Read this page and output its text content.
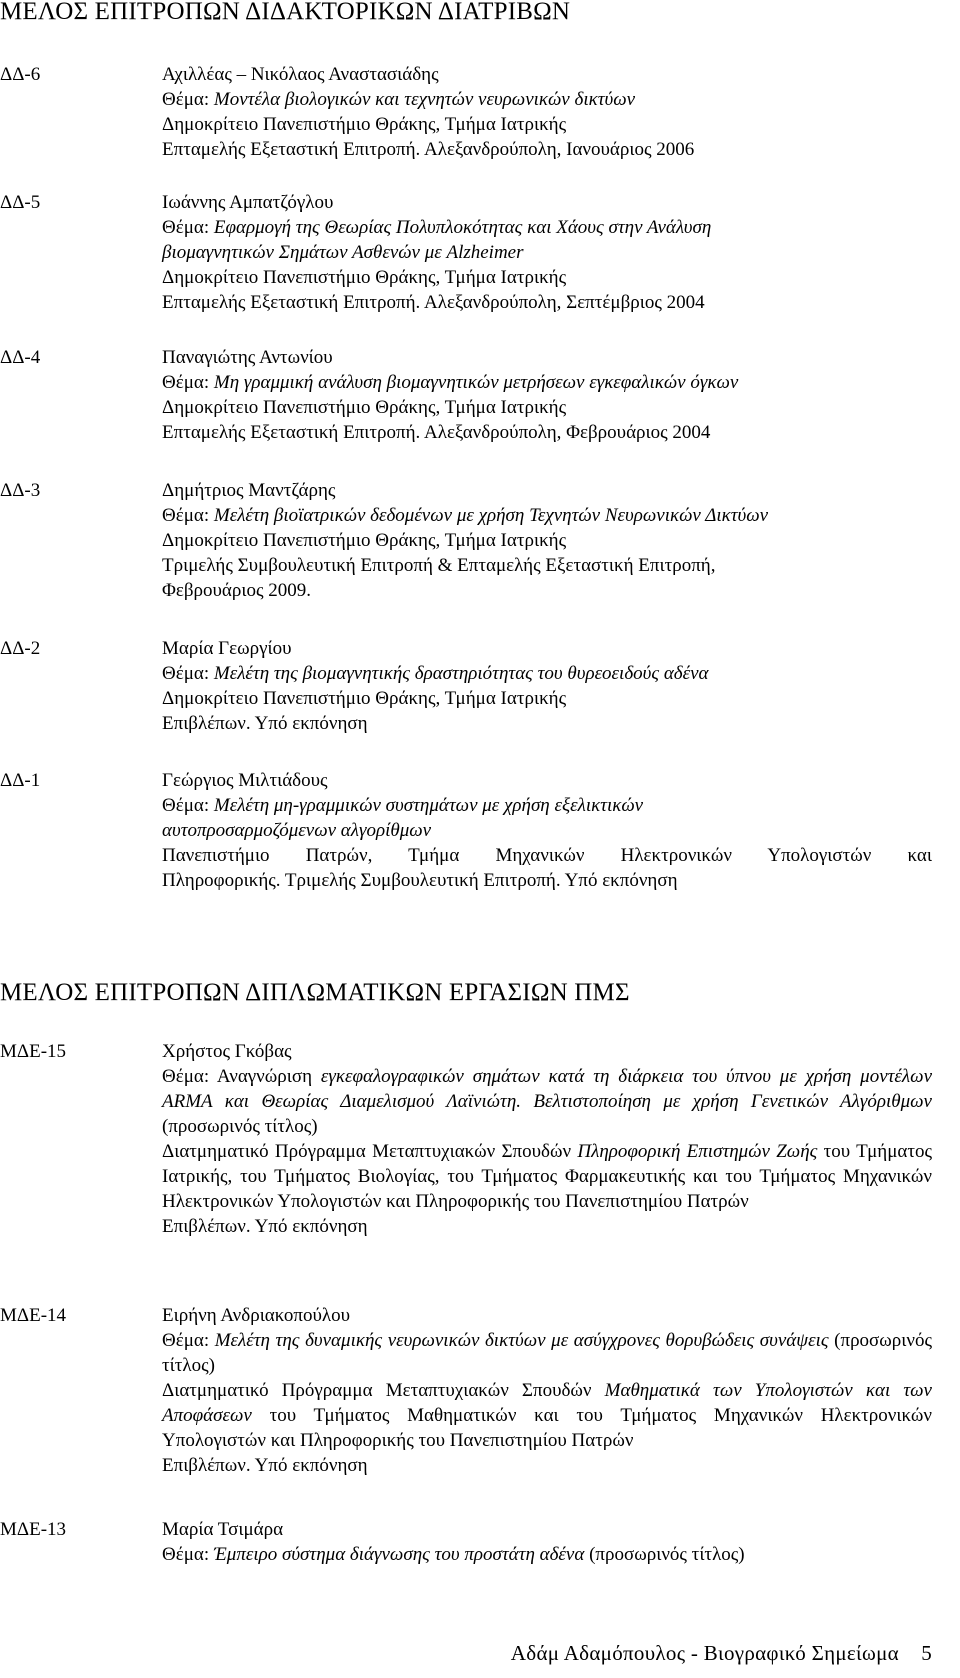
ΜΕΛΟΣ ΕΠΙΤΡΟΠΩΝ ΔΙΔΑΚΤΟΡΙΚΩΝ ΔΙΑΤΡΙΒΩΝ
ΔΔ-6	Αχιλλέας – Νικόλαος Αναστασιάδης
Θέμα: Μοντέλα βιολογικών και τεχνητών νευρωνικών δικτύων
Δημοκρίτειο Πανεπιστήμιο Θράκης, Τμήμα Ιατρικής
Επταμελής Εξεταστική Επιτροπή. Αλεξανδρούπολη, Ιανουάριος 2006
ΔΔ-5	Ιωάννης Αμπατζόγλου
Θέμα: Εφαρμογή της Θεωρίας Πολυπλοκότητας και Χάους στην Ανάλυση
βιομαγνητικών Σημάτων Ασθενών με Alzheimer
Δημοκρίτειο Πανεπιστήμιο Θράκης, Τμήμα Ιατρικής
Επταμελής Εξεταστική Επιτροπή. Αλεξανδρούπολη, Σεπτέμβριος 2004
ΔΔ-4	Παναγιώτης Αντωνίου
Θέμα: Μη γραμμική ανάλυση βιομαγνητικών μετρήσεων εγκεφαλικών όγκων
Δημοκρίτειο Πανεπιστήμιο Θράκης, Τμήμα Ιατρικής
Επταμελής Εξεταστική Επιτροπή. Αλεξανδρούπολη, Φεβρουάριος 2004
ΔΔ-3	Δημήτριος Μαντζάρης
Θέμα: Μελέτη βιοϊατρικών δεδομένων με χρήση Τεχνητών Νευρωνικών Δικτύων
Δημοκρίτειο Πανεπιστήμιο Θράκης, Τμήμα Ιατρικής
Τριμελής Συμβουλευτική Επιτροπή & Επταμελής Εξεταστική Επιτροπή,
Φεβρουάριος 2009.
ΔΔ-2	Μαρία Γεωργίου
Θέμα: Μελέτη της βιομαγνητικής δραστηριότητας του θυρεοειδούς αδένα
Δημοκρίτειο Πανεπιστήμιο Θράκης, Τμήμα Ιατρικής
Επιβλέπων. Υπό εκπόνηση
ΔΔ-1	Γεώργιος Μιλτιάδους
Θέμα: Μελέτη μη-γραμμικών συστημάτων με χρήση εξελικτικών
αυτοπροσαρμοζόμενων αλγορίθμων
Πανεπιστήμιο Πατρών, Τμήμα Μηχανικών Ηλεκτρονικών Υπολογιστών και
Πληροφορικής. Τριμελής Συμβουλευτική Επιτροπή. Υπό εκπόνηση
ΜΕΛΟΣ ΕΠΙΤΡΟΠΩΝ ΔΙΠΛΩΜΑΤΙΚΩΝ ΕΡΓΑΣΙΩΝ ΠΜΣ
ΜΔΕ-15	Χρήστος Γκόβας
Θέμα: Αναγνώριση εγκεφαλογραφικών σημάτων κατά τη διάρκεια του ύπνου με χρήση μοντέλων ARMA και Θεωρίας Διαμελισμού Λαϊνιώτη. Βελτιστοποίηση με χρήση Γενετικών Αλγόριθμων (προσωρινός τίτλος)
Διατμηματικό Πρόγραμμα Μεταπτυχιακών Σπουδών Πληροφορική Επιστημών Ζωής του Τμήματος Ιατρικής, του Τμήματος Βιολογίας, του Τμήματος Φαρμακευτικής και του Τμήματος Μηχανικών Ηλεκτρονικών Υπολογιστών και Πληροφορικής του Πανεπιστημίου Πατρών
Επιβλέπων. Υπό εκπόνηση
ΜΔΕ-14	Ειρήνη Ανδριακοπούλου
Θέμα: Μελέτη της δυναμικής νευρωνικών δικτύων με ασύγχρονες θορυβώδεις συνάψεις (προσωρινός τίτλος)
Διατμηματικό Πρόγραμμα Μεταπτυχιακών Σπουδών Μαθηματικά των Υπολογιστών και των Αποφάσεων του Τμήματος Μαθηματικών και του Τμήματος Μηχανικών Ηλεκτρονικών Υπολογιστών και Πληροφορικής του Πανεπιστημίου Πατρών
Επιβλέπων. Υπό εκπόνηση
ΜΔΕ-13	Μαρία Τσιμάρα
Θέμα: Έμπειρο σύστημα διάγνωσης του προστάτη αδένα (προσωρινός τίτλος)
Αδάμ Αδαμόπουλος - Βιογραφικό Σημείωμα 5
